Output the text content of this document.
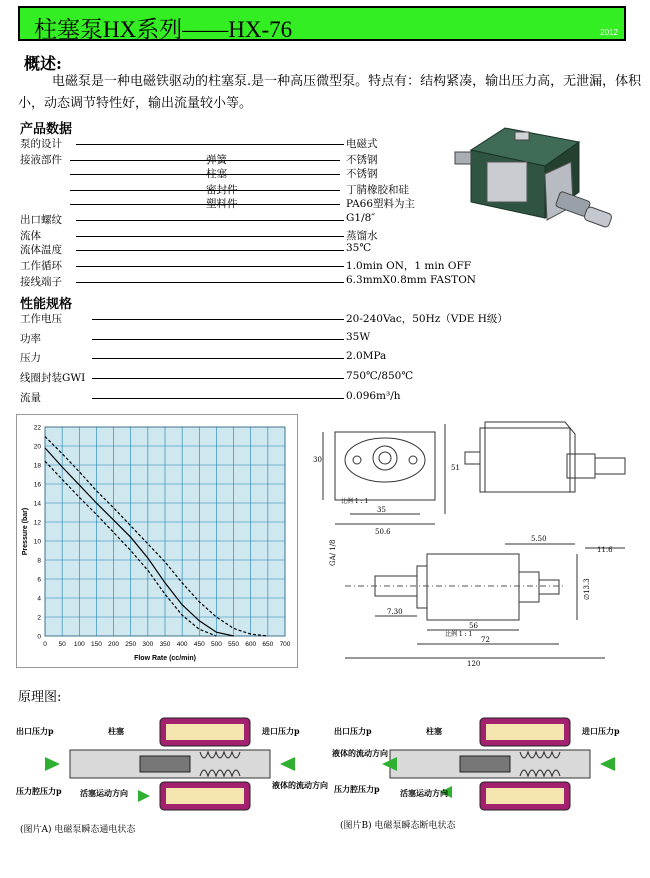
柱塞泵HX系列——HX-76	2012
概述:
电磁泵是一种电磁铁驱动的柱塞泵.是一种高压微型泵。特点有：结构紧凑，输出压力高，无泄漏，体积小，动态调节特性好，输出流量较小等。
产品数据
泵的设计	电磁式
接液部件	弹簧	不锈钢
柱塞	不锈钢
密封件	丁腈橡胶和硅
塑料件	PA66塑料为主
出口螺纹	G1/8″
流体	蒸馏水
流体温度	35℃
工作循环	1.0min ON，1 min OFF
接线端子	6.3mmX0.8mm FASTON
性能规格
工作电压	20-240Vac，50Hz（VDE H级）
功率	35W
压力	2.0MPa
线圈封装GWI	750℃/850℃
流量	0.096m³/h
0 50 100 150 200 250 300 350 400 450 500 550 600 650 700
0
2
4
6
8
10
12
14
16
18
20
22
Flow Rate (cc/min)
Pressure (bar)
30
51
35
比例 1 : 1
50.6
GA/ 1/8
5.50
11.6
7.30
56
比例 1 : 1
72
∅13.3
120
原理图:
出口压力p	柱塞	进口压力p
压力腔压力p 活塞运动方向
液体的流动方向
出口压力p	柱塞	进口压力p
液体的流动方向
压力腔压力p	活塞运动方向
(图片A) 电磁泵瞬态通电状态	(图片B) 电磁泵瞬态断电状态
